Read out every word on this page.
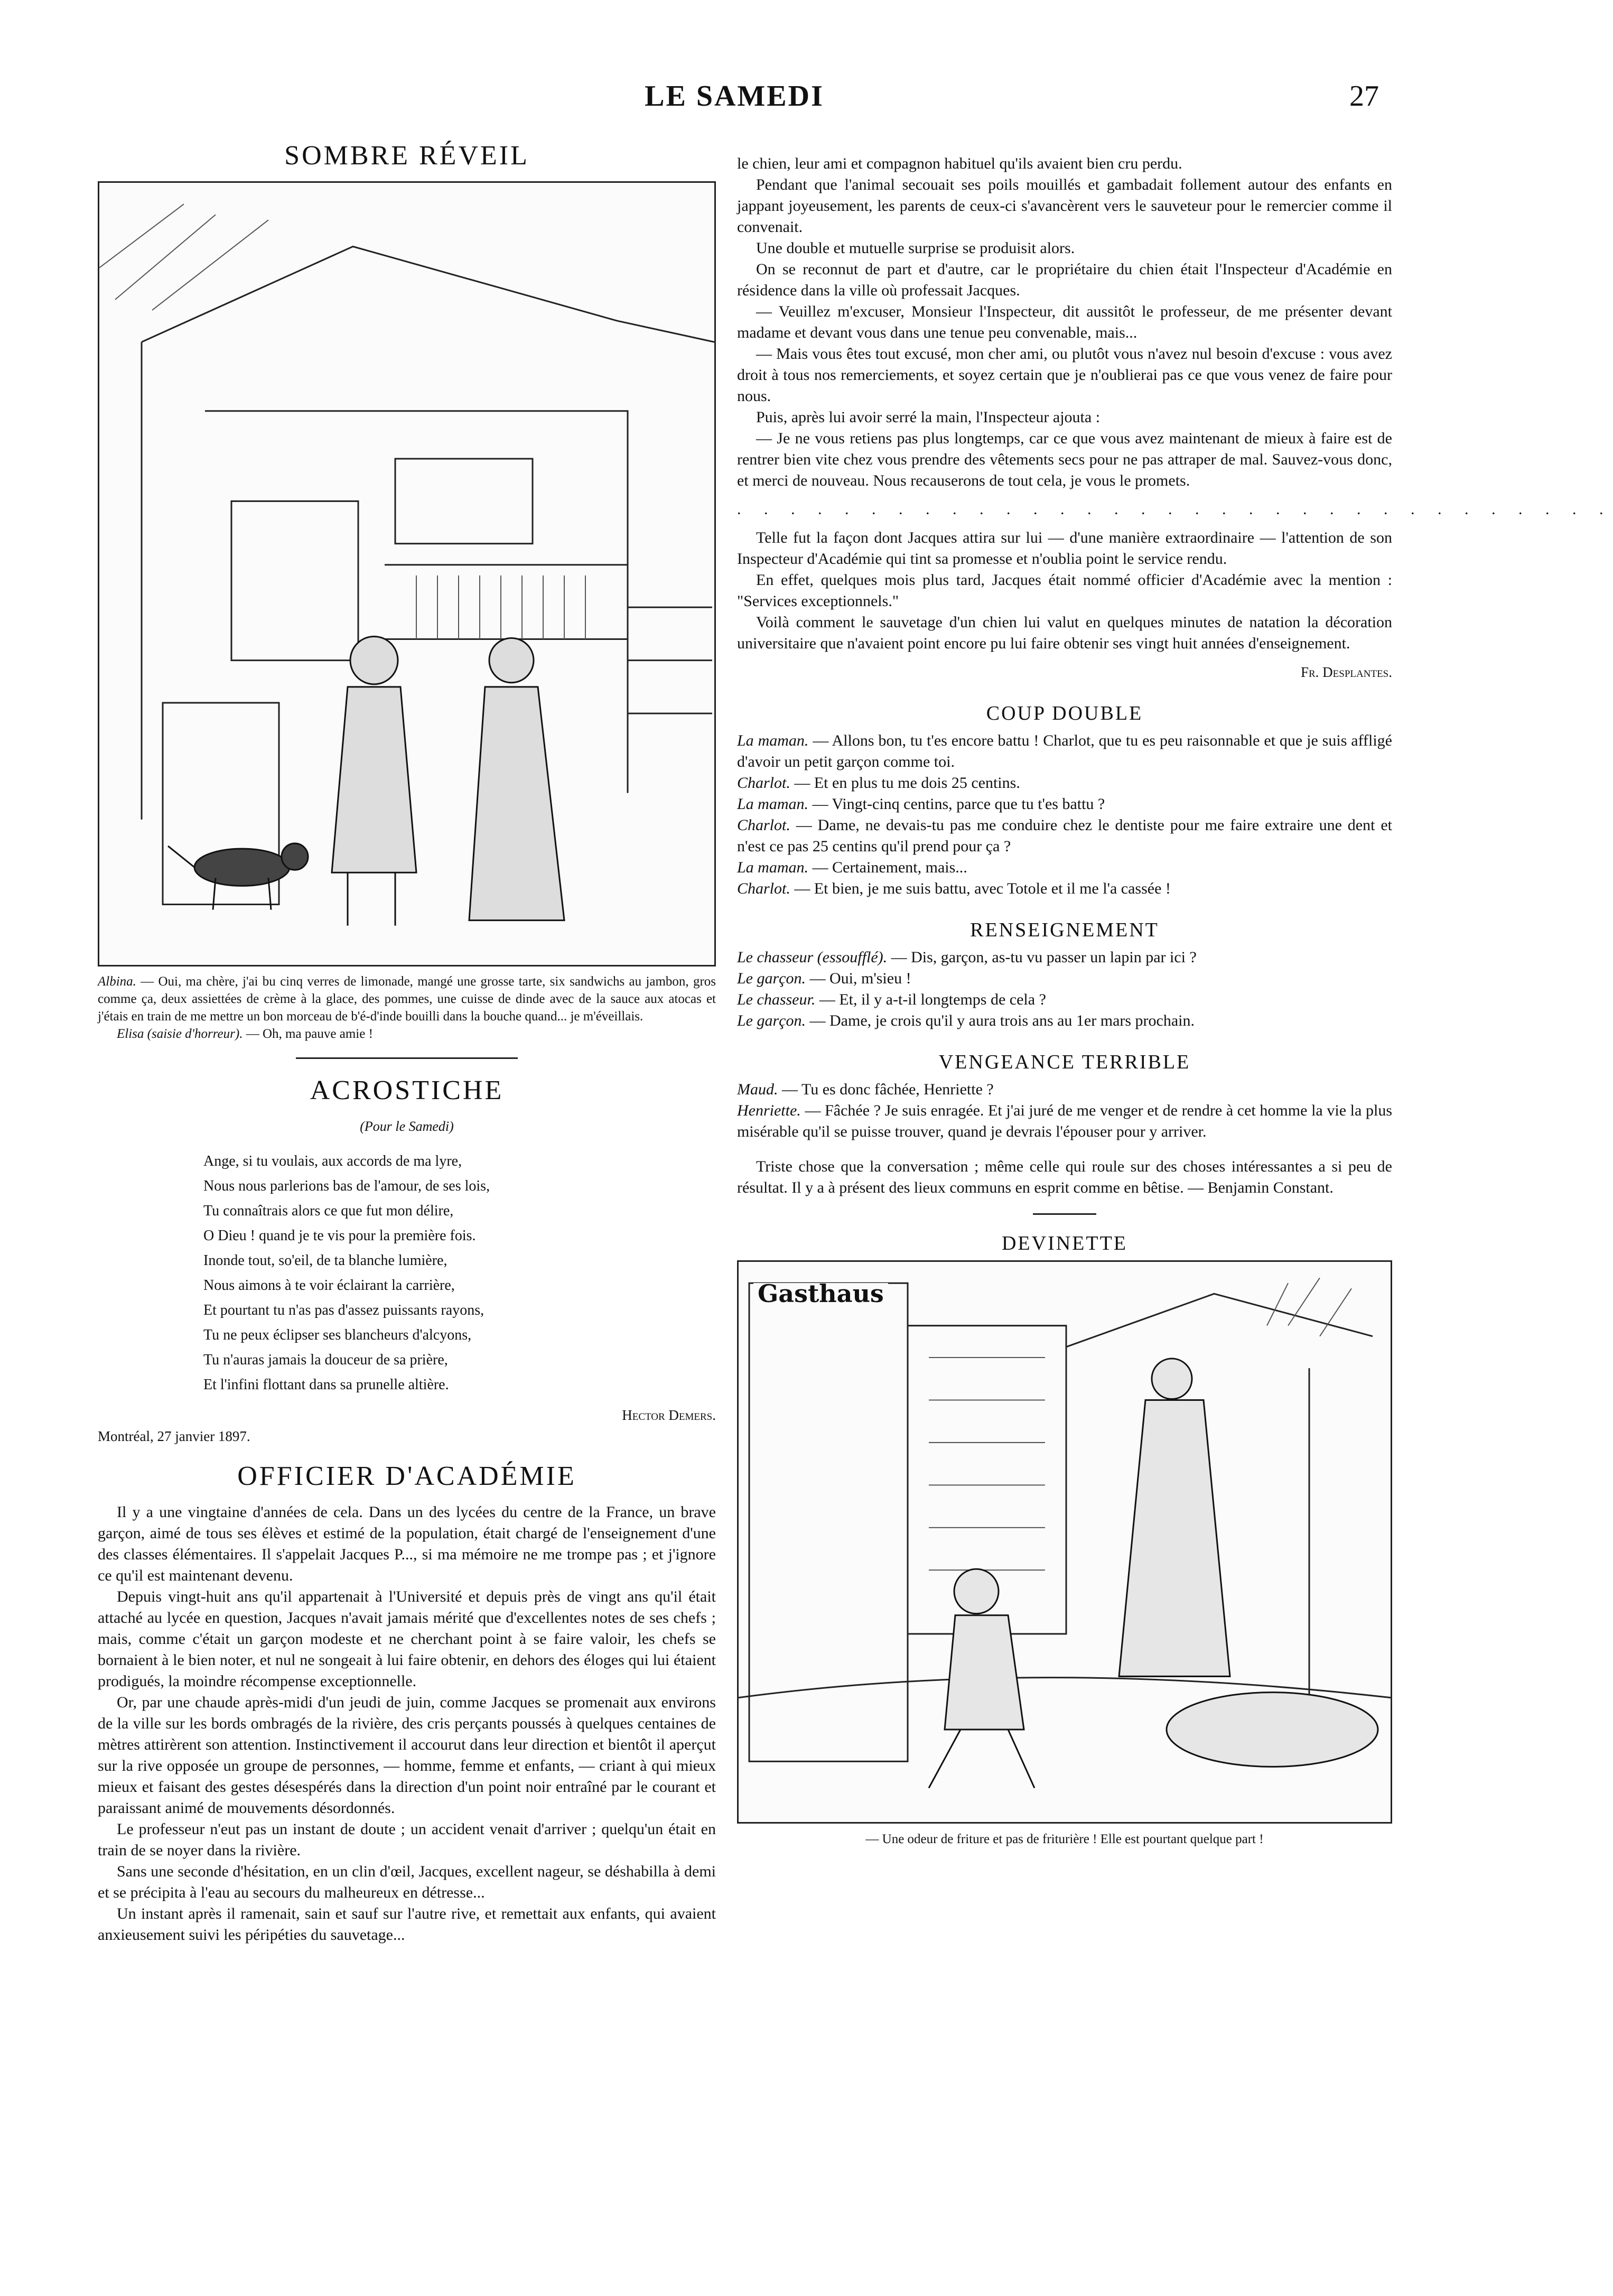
LE SAMEDI	27
SOMBRE RÉVEIL
Albina. — Oui, ma chère, j'ai bu cinq verres de limonade, mangé une grosse tarte, six sandwichs au jambon, gros comme ça, deux assiettées de crème à la glace, des pommes, une cuisse de dinde avec de la sauce aux atocas et j'étais en train de me mettre un bon morceau de b'é-d'inde bouilli dans la bouche quand... je m'éveillais.
Elisa (saisie d'horreur). — Oh, ma pauve amie !
ACROSTICHE
(Pour le Samedi)
Ange, si tu voulais, aux accords de ma lyre,
Nous nous parlerions bas de l'amour, de ses lois,
Tu connaîtrais alors ce que fut mon délire,
O Dieu ! quand je te vis pour la première fois.
Inonde tout, so'eil, de ta blanche lumière,
Nous aimons à te voir éclairant la carrière,
Et pourtant tu n'as pas d'assez puissants rayons,
Tu ne peux éclipser ses blancheurs d'alcyons,
Tu n'auras jamais la douceur de sa prière,
Et l'infini flottant dans sa prunelle altière.
Hector Demers.
Montréal, 27 janvier 1897.
OFFICIER D'ACADÉMIE

Il y a une vingtaine d'années de cela. Dans un des lycées du centre de la France, un brave garçon, aimé de tous ses élèves et estimé de la population, était chargé de l'enseignement d'une des classes élémentaires. Il s'appelait Jacques P..., si ma mémoire ne me trompe pas ; et j'ignore ce qu'il est maintenant devenu.

Depuis vingt-huit ans qu'il appartenait à l'Université et depuis près de vingt ans qu'il était attaché au lycée en question, Jacques n'avait jamais mérité que d'excellentes notes de ses chefs ; mais, comme c'était un garçon modeste et ne cherchant point à se faire valoir, les chefs se bornaient à le bien noter, et nul ne songeait à lui faire obtenir, en dehors des éloges qui lui étaient prodigués, la moindre récompense exceptionnelle.

Or, par une chaude après-midi d'un jeudi de juin, comme Jacques se promenait aux environs de la ville sur les bords ombragés de la rivière, des cris perçants poussés à quelques centaines de mètres attirèrent son attention. Instinctivement il accourut dans leur direction et bientôt il aperçut sur la rive opposée un groupe de personnes, — homme, femme et enfants, — criant à qui mieux mieux et faisant des gestes désespérés dans la direction d'un point noir entraîné par le courant et paraissant animé de mouvements désordonnés.

Le professeur n'eut pas un instant de doute ; un accident venait d'arriver ; quelqu'un était en train de se noyer dans la rivière.

Sans une seconde d'hésitation, en un clin d'œil, Jacques, excellent nageur, se déshabilla à demi et se précipita à l'eau au secours du malheureux en détresse...

Un instant après il ramenait, sain et sauf sur l'autre rive, et remettait aux enfants, qui avaient anxieusement suivi les péripéties du sauvetage...

le chien, leur ami et compagnon habituel qu'ils avaient bien cru perdu.

Pendant que l'animal secouait ses poils mouillés et gambadait follement autour des enfants en jappant joyeusement, les parents de ceux-ci s'avancèrent vers le sauveteur pour le remercier comme il convenait.

Une double et mutuelle surprise se produisit alors.

On se reconnut de part et d'autre, car le propriétaire du chien était l'Inspecteur d'Académie en résidence dans la ville où professait Jacques.

— Veuillez m'excuser, Monsieur l'Inspecteur, dit aussitôt le professeur, de me présenter devant madame et devant vous dans une tenue peu convenable, mais...

— Mais vous êtes tout excusé, mon cher ami, ou plutôt vous n'avez nul besoin d'excuse : vous avez droit à tous nos remerciements, et soyez certain que je n'oublierai pas ce que vous venez de faire pour nous.

Puis, après lui avoir serré la main, l'Inspecteur ajouta :

— Je ne vous retiens pas plus longtemps, car ce que vous avez maintenant de mieux à faire est de rentrer bien vite chez vous prendre des vêtements secs pour ne pas attraper de mal. Sauvez-vous donc, et merci de nouveau. Nous recauserons de tout cela, je vous le promets.

. . . . . . . . . . . . . . . . . . . . . . . . . . . . . . . . .

Telle fut la façon dont Jacques attira sur lui — d'une manière extraordinaire — l'attention de son Inspecteur d'Académie qui tint sa promesse et n'oublia point le service rendu.

En effet, quelques mois plus tard, Jacques était nommé officier d'Académie avec la mention : "Services exceptionnels."

Voilà comment le sauvetage d'un chien lui valut en quelques minutes de natation la décoration universitaire que n'avaient point encore pu lui faire obtenir ses vingt huit années d'enseignement.

Fr. Desplantes.
COUP DOUBLE

La maman. — Allons bon, tu t'es encore battu ! Charlot, que tu es peu raisonnable et que je suis affligé d'avoir un petit garçon comme toi.

Charlot. — Et en plus tu me dois 25 centins.

La maman. — Vingt-cinq centins, parce que tu t'es battu ?

Charlot. — Dame, ne devais-tu pas me conduire chez le dentiste pour me faire extraire une dent et n'est ce pas 25 centins qu'il prend pour ça ?

La maman. — Certainement, mais...

Charlot. — Et bien, je me suis battu, avec Totole et il me l'a cassée !

RENSEIGNEMENT

Le chasseur (essoufflé). — Dis, garçon, as-tu vu passer un lapin par ici ?

Le garçon. — Oui, m'sieu !

Le chasseur. — Et, il y a-t-il longtemps de cela ?

Le garçon. — Dame, je crois qu'il y aura trois ans au 1er mars prochain.

VENGEANCE TERRIBLE

Maud. — Tu es donc fâchée, Henriette ?

Henriette. — Fâchée ? Je suis enragée. Et j'ai juré de me venger et de rendre à cet homme la vie la plus misérable qu'il se puisse trouver, quand je devrais l'épouser pour y arriver.

Triste chose que la conversation ; même celle qui roule sur des choses intéressantes a si peu de résultat. Il y a à présent des lieux communs en esprit comme en bêtise. — Benjamin Constant.

DEVINETTE
Gasthaus
— Une odeur de friture et pas de friturière ! Elle est pourtant quelque part !
